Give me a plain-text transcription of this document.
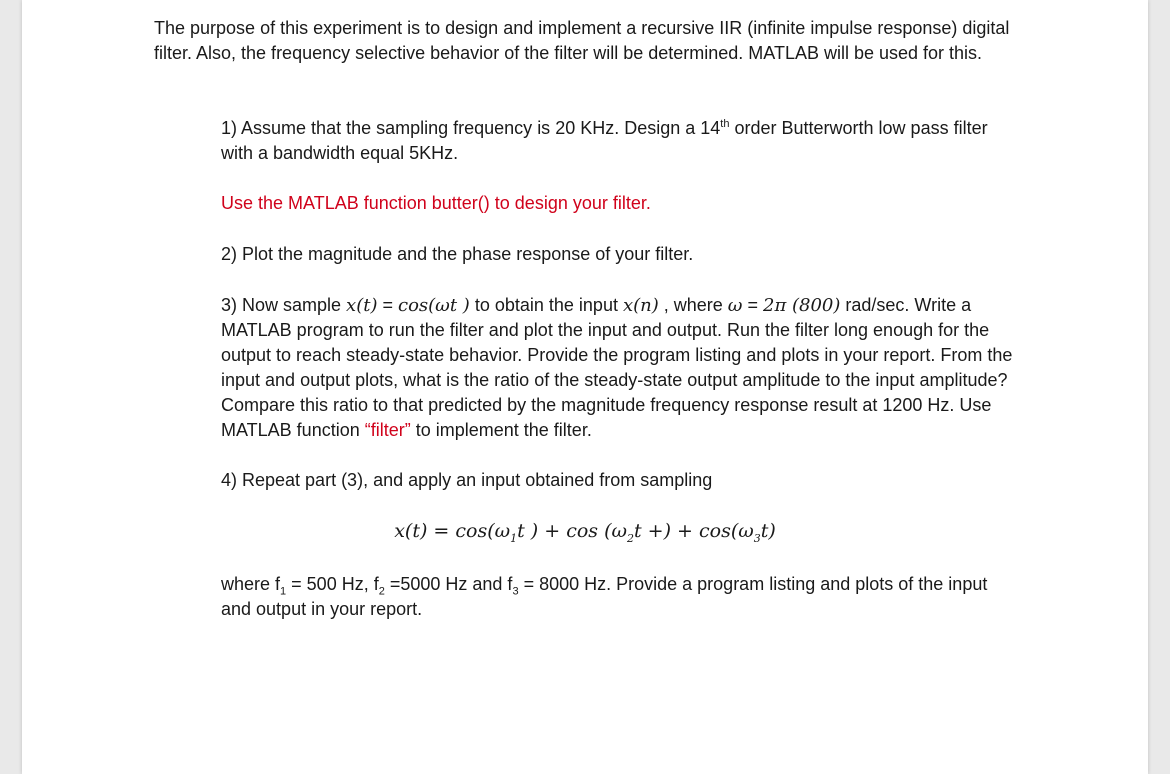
The purpose of this experiment is to design and implement a recursive IIR (infinite impulse response) digital filter. Also, the frequency selective behavior of the filter will be determined. MATLAB will be used for this.

1) Assume that the sampling frequency is 20 KHz. Design a 14th order Butterworth low pass filter with a bandwidth equal 5KHz.

Use the MATLAB function butter() to design your filter.

2) Plot the magnitude and the phase response of your filter.

3) Now sample x(t) = cos(ωt ) to obtain the input x(n) , where ω = 2π (800) rad/sec. Write a MATLAB program to run the filter and plot the input and output. Run the filter long enough for the output to reach steady-state behavior. Provide the program listing and plots in your report. From the input and output plots, what is the ratio of the steady-state output amplitude to the input amplitude? Compare this ratio to that predicted by the magnitude frequency response result at 1200 Hz. Use MATLAB function “filter” to implement the filter.

4) Repeat part (3), and apply an input obtained from sampling

$x(t) = \cos(\omega_1t$ ) + $\cos (\omega_2t$ +) + $\cos(\omega_3t)$

where $f_1 = 500$ Hz, $f_2 =5000$ Hz and $f_3 = 8000$ Hz. Provide a program listing and plots of the input and output in your report.
